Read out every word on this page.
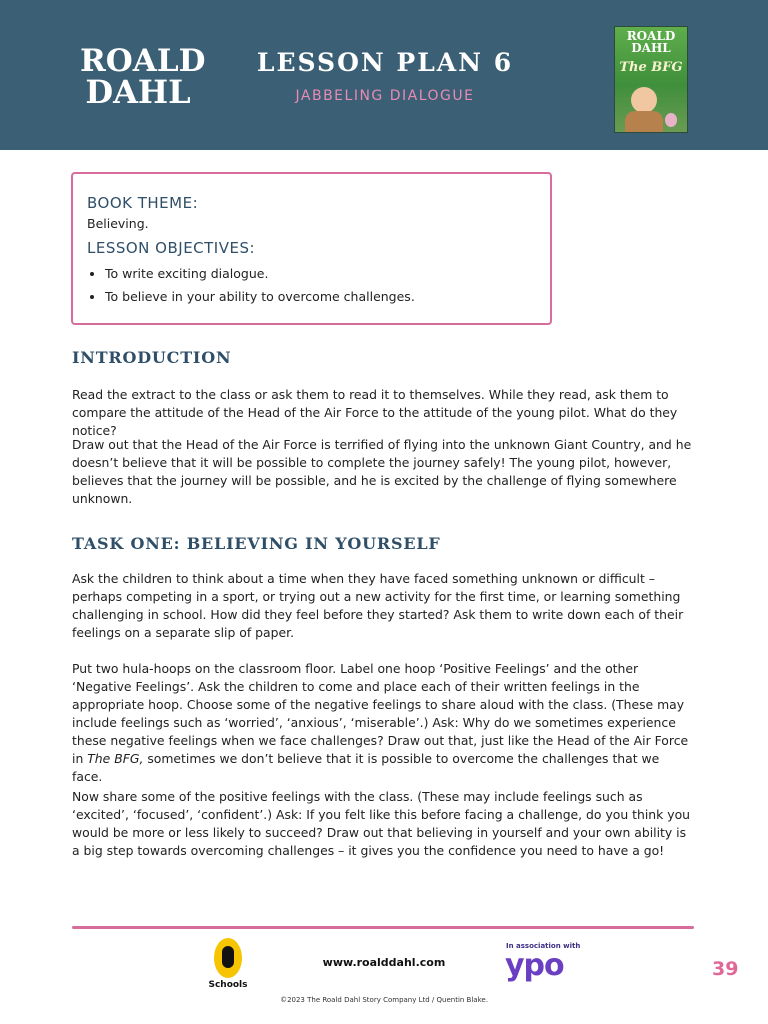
ROALD
DAHL
LESSON PLAN 6
JABBELING DIALOGUE
ROALD
DAHL
The BFG
BOOK THEME:
Believing.
LESSON OBJECTIVES:
To write exciting dialogue.
To believe in your ability to overcome challenges.
INTRODUCTION

Read the extract to the class or ask them to read it to themselves. While they read, ask them to compare the attitude of the Head of the Air Force to the attitude of the young pilot. What do they notice?

Draw out that the Head of the Air Force is terrified of flying into the unknown Giant Country, and he doesn’t believe that it will be possible to complete the journey safely! The young pilot, however, believes that the journey will be possible, and he is excited by the challenge of flying somewhere unknown.

TASK ONE: BELIEVING IN YOURSELF

Ask the children to think about a time when they have faced something unknown or difficult – perhaps competing in a sport, or trying out a new activity for the first time, or learning something challenging in school. How did they feel before they started? Ask them to write down each of their feelings on a separate slip of paper.

Put two hula-hoops on the classroom floor. Label one hoop ‘Positive Feelings’ and the other ‘Negative Feelings’. Ask the children to come and place each of their written feelings in the appropriate hoop. Choose some of the negative feelings to share aloud with the class. (These may include feelings such as ‘worried’, ‘anxious’, ‘miserable’.) Ask: Why do we sometimes experience these negative feelings when we face challenges? Draw out that, just like the Head of the Air Force in The BFG, sometimes we don’t believe that it is possible to overcome the challenges that we face.

Now share some of the positive feelings with the class. (These may include feelings such as ‘excited’, ‘focused’, ‘confident’.) Ask: If you felt like this before facing a challenge, do you think you would be more or less likely to succeed? Draw out that believing in yourself and your own ability is a big step towards overcoming challenges – it gives you the confidence you need to have a go!

Schools
www.roalddahl.com
In association with
ypo	39
©2023 The Roald Dahl Story Company Ltd / Quentin Blake.
